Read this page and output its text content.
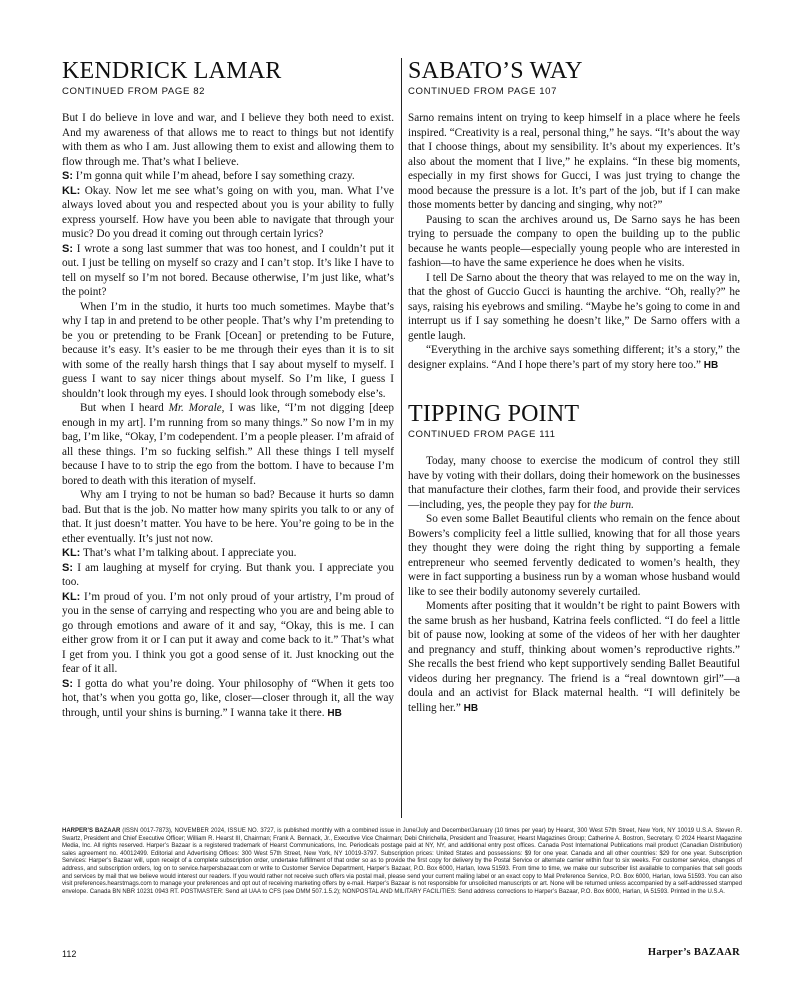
KENDRICK LAMAR
CONTINUED FROM PAGE 82

But I do believe in love and war, and I believe they both need to exist. And my awareness of that allows me to react to things but not identify with them as who I am. Just allowing them to exist and allowing them to flow through me. That’s what I believe.

S: I’m gonna quit while I’m ahead, before I say something crazy.

KL: Okay. Now let me see what’s going on with you, man. What I’ve always loved about you and respected about you is your ability to fully express yourself. How have you been able to navigate that through your music? Do you dread it coming out through certain lyrics?

S: I wrote a song last summer that was too honest, and I couldn’t put it out. I just be telling on myself so crazy and I can’t stop. It’s like I have to tell on myself so I’m not bored. Because otherwise, I’m just like, what’s the point?

When I’m in the studio, it hurts too much sometimes. Maybe that’s why I tap in and pretend to be other people. That’s why I’m pretending to be you or pretending to be Frank [Ocean] or pretending to be Future, because it’s easy. It’s easier to be me through their eyes than it is to sit with some of the really harsh things that I say about myself to myself. I guess I want to say nicer things about myself. So I’m like, I guess I shouldn’t look through my eyes. I should look through somebody else’s.

But when I heard Mr. Morale, I was like, “I’m not digging [deep enough in my art]. I’m running from so many things.” So now I’m in my bag, I’m like, “Okay, I’m codependent. I’m a people pleaser. I’m afraid of all these things. I’m so fucking selfish.” All these things I tell myself because I have to to strip the ego from the bottom. I have to because I’m bored to death with this iteration of myself.

Why am I trying to not be human so bad? Because it hurts so damn bad. But that is the job. No matter how many spirits you talk to or any of that. It just doesn’t matter. You have to be here. You’re going to be in the ether eventually. It’s just not now.

KL: That’s what I’m talking about. I appreciate you.

S: I am laughing at myself for crying. But thank you. I appreciate you too.

KL: I’m proud of you. I’m not only proud of your artistry, I’m proud of you in the sense of carrying and respecting who you are and being able to go through emotions and aware of it and say, “Okay, this is me. I can either grow from it or I can put it away and come back to it.” That’s what I get from you. I think you got a good sense of it. Just knocking out the fear of it all.

S: I gotta do what you’re doing. Your philosophy of “When it gets too hot, that’s when you gotta go, like, closer—closer through it, all the way through, until your shins is burning.” I wanna take it there. HB

SABATO’S WAY
CONTINUED FROM PAGE 107

Sarno remains intent on trying to keep himself in a place where he feels inspired. “Creativity is a real, personal thing,” he says. “It’s about the way that I choose things, about my sensibility. It’s about my experiences. It’s also about the moment that I live,” he explains. “In these big moments, especially in my first shows for Gucci, I was just trying to change the mood because the pressure is a lot. It’s part of the job, but if I can make those moments better by dancing and singing, why not?”

Pausing to scan the archives around us, De Sarno says he has been trying to persuade the company to open the building up to the public because he wants people—especially young people who are interested in fashion—to have the same experience he does when he visits.

I tell De Sarno about the theory that was relayed to me on the way in, that the ghost of Guccio Gucci is haunting the archive. “Oh, really?” he says, raising his eyebrows and smiling. “Maybe he’s going to come in and interrupt us if I say something he doesn’t like,” De Sarno offers with a gentle laugh.

“Everything in the archive says something different; it’s a story,” the designer explains. “And I hope there’s part of my story here too.” HB

TIPPING POINT
CONTINUED FROM PAGE 111

Today, many choose to exercise the modicum of control they still have by voting with their dollars, doing their homework on the businesses that manufacture their clothes, farm their food, and provide their services—including, yes, the people they pay for the burn.

So even some Ballet Beautiful clients who remain on the fence about Bowers’s complicity feel a little sullied, knowing that for all those years they thought they were doing the right thing by supporting a female entrepreneur who seemed fervently dedicated to women’s health, they were in fact supporting a business run by a woman whose husband would like to see their bodily autonomy severely curtailed.

Moments after positing that it wouldn’t be right to paint Bowers with the same brush as her husband, Katrina feels conflicted. “I do feel a little bit of pause now, looking at some of the videos of her with her daughter and pregnancy and stuff, thinking about women’s reproductive rights.” She recalls the best friend who kept supportively sending Ballet Beautiful videos during her pregnancy. The friend is a “real downtown girl”—a doula and an activist for Black maternal health. “I will definitely be telling her.” HB

HARPER’S BAZAAR (ISSN 0017-7873), NOVEMBER 2024, ISSUE NO. 3727, is published monthly with a combined issue in June/July and December/January (10 times per year) by Hearst, 300 West 57th Street, New York, NY 10019 U.S.A. Steven R. Swartz, President and Chief Executive Officer; William R. Hearst III, Chairman; Frank A. Bennack, Jr., Executive Vice Chairman; Debi Chirichella, President and Treasurer, Hearst Magazines Group; Catherine A. Bostron, Secretary. © 2024 Hearst Magazine Media, Inc. All rights reserved. Harper’s Bazaar is a registered trademark of Hearst Communications, Inc. Periodicals postage paid at NY, NY, and additional entry post offices. Canada Post International Publications mail product (Canadian Distribution) sales agreement no. 40012499. Editorial and Advertising Offices: 300 West 57th Street, New York, NY 10019-3797. Subscription prices: United States and possessions: $9 for one year. Canada and all other countries: $29 for one year. Subscription Services: Harper’s Bazaar will, upon receipt of a complete subscription order, undertake fulfillment of that order so as to provide the first copy for delivery by the Postal Service or alternate carrier within four to six weeks. For customer service, changes of address, and subscription orders, log on to service.harpersbazaar.com or write to Customer Service Department, Harper’s Bazaar, P.O. Box 6000, Harlan, Iowa 51593. From time to time, we make our subscriber list available to companies that sell goods and services by mail that we believe would interest our readers. If you would rather not receive such offers via postal mail, please send your current mailing label or an exact copy to Mail Preference Service, P.O. Box 6000, Harlan, Iowa 51593. You can also visit preferences.hearstmags.com to manage your preferences and opt out of receiving marketing offers by e-mail. Harper’s Bazaar is not responsible for unsolicited manuscripts or art. None will be returned unless accompanied by a self-addressed stamped envelope. Canada BN NBR 10231 0943 RT. POSTMASTER: Send all UAA to CFS (see DMM 507.1.5.2); NONPOSTAL AND MILITARY FACILITIES: Send address corrections to Harper’s Bazaar, P.O. Box 6000, Harlan, IA 51593. Printed in the U.S.A.
112	Harper’s BAZAAR
